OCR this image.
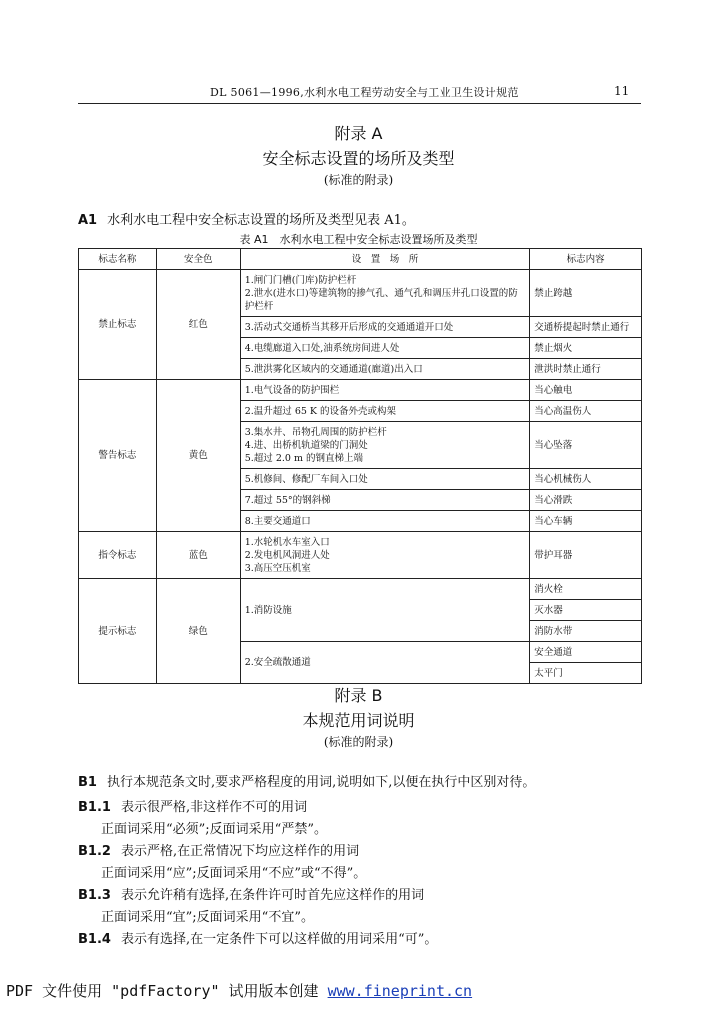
DL 5061—1996,水利水电工程劳动安全与工业卫生设计规范	11
附录 A
安全标志设置的场所及类型
(标准的附录)
A1 水利水电工程中安全标志设置的场所及类型见表 A1。
表 A1　水利水电工程中安全标志设置场所及类型
标志名称	安全色	设　置　场　所	标志内容
禁止标志	红色	1.闸门门槽(门库)防护栏杆
2.泄水(进水口)等建筑物的掺气孔、通气孔和调压井孔口设置的防护栏杆	禁止跨越
		3.活动式交通桥当其移开后形成的交通通道开口处	交通桥提起时禁止通行
		4.电缆廊道入口处,油系统房间进人处	禁止烟火
		5.泄洪雾化区域内的交通通道(廊道)出入口	泄洪时禁止通行
警告标志	黄色	1.电气设备的防护围栏	当心触电
		2.温升超过 65 K 的设备外壳或构架	当心高温伤人

		3.集水井、吊物孔周围的防护栏杆
4.进、出桥机轨道梁的门洞处
5.超过 2.0 m 的钢直梯上端	当心坠落
		5.机修间、修配厂车间入口处	当心机械伤人
		7.超过 55°的钢斜梯	当心滑跌
		8.主要交通道口	当心车辆
指令标志	蓝色	1.水轮机水车室入口
2.发电机风洞进人处
3.高压空压机室	带护耳器
提示标志	绿色	1.消防设施	消火栓
			灭水器
			消防水带
		2.安全疏散通道	安全通道
			太平门
附录 B
本规范用词说明
(标准的附录)
B1 执行本规范条文时,要求严格程度的用词,说明如下,以便在执行中区别对待。
B1.1 表示很严格,非这样作不可的用词
正面词采用“必须”;反面词采用“严禁”。
B1.2 表示严格,在正常情况下均应这样作的用词
正面词采用“应”;反面词采用“不应”或“不得”。
B1.3 表示允许稍有选择,在条件许可时首先应这样作的用词
正面词采用“宜”;反面词采用“不宜”。
B1.4 表示有选择,在一定条件下可以这样做的用词采用“可”。
PDF 文件使用 "pdfFactory" 试用版本创建 www.fineprint.cn
